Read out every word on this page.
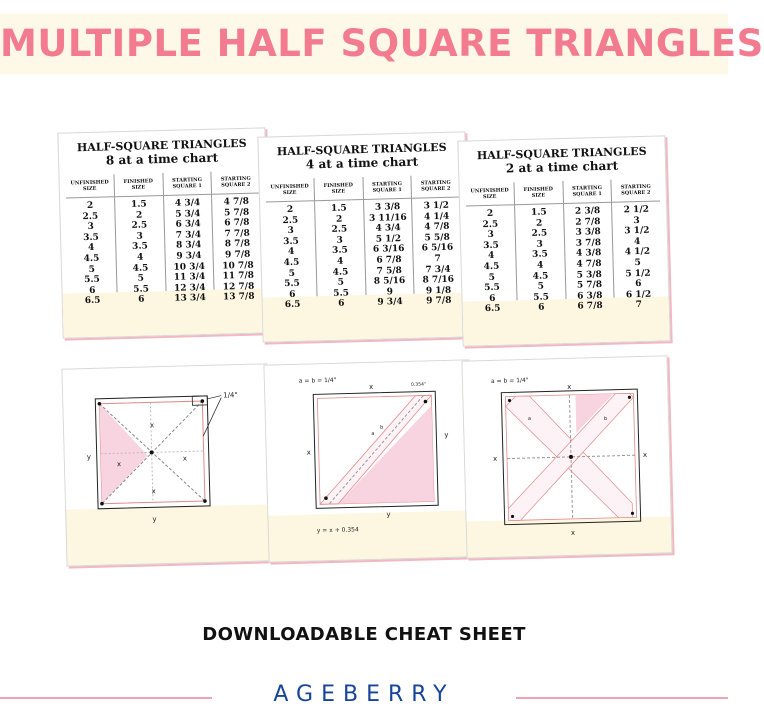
MULTIPLE HALF SQUARE TRIANGLES
HALF-SQUARE TRIANGLES
8 at a time chart
UNFINISHED SIZE
2
2.5
3
3.5
4
4.5
5
5.5
6
6.5
FINISHED SIZE
1.5
2
2.5
3
3.5
4
4.5
5
5.5
6
STARTING SQUARE 1
4 3/4
5 3/4
6 3/4
7 3/4
8 3/4
9 3/4
10 3/4
11 3/4
12 3/4
13 3/4
STARTING SQUARE 2
4 7/8
5 7/8
6 7/8
7 7/8
8 7/8
9 7/8
10 7/8
11 7/8
12 7/8
13 7/8
HALF-SQUARE TRIANGLES
4 at a time chart
UNFINISHED SIZE
2
2.5
3
3.5
4
4.5
5
5.5
6
6.5
FINISHED SIZE
1.5
2
2.5
3
3.5
4
4.5
5
5.5
6
STARTING SQUARE 1
3 3/8
3 11/16
4 3/4
5 1/2
6 3/16
6 7/8
7 5/8
8 5/16
9
9 3/4
STARTING SQUARE 2
3 1/2
4 1/4
4 7/8
5 5/8
6 5/16
7
7 3/4
8 7/16
9 1/8
9 7/8
HALF-SQUARE TRIANGLES
2 at a time chart
UNFINISHED SIZE
2
2.5
3
3.5
4
4.5
5
5.5
6
6.5
FINISHED SIZE
1.5
2
2.5
3
3.5
4
4.5
5
5.5
6
STARTING SQUARE 1
2 3/8
2 7/8
3 3/8
3 7/8
4 3/8
4 7/8
5 3/8
5 7/8
6 3/8
6 7/8
STARTING SQUARE 2
2 1/2
3
3 1/2
4
4 1/2
5
5 1/2
6
6 1/2
7
1/4"
x
x
x
x
y
y
a = b = 1/4"
0.354"
x
x
y
y
a
b
y = x + 0.354
a = b = 1/4"
x
x	x
x
a	b
DOWNLOADABLE CHEAT SHEET
AGEBERRY
